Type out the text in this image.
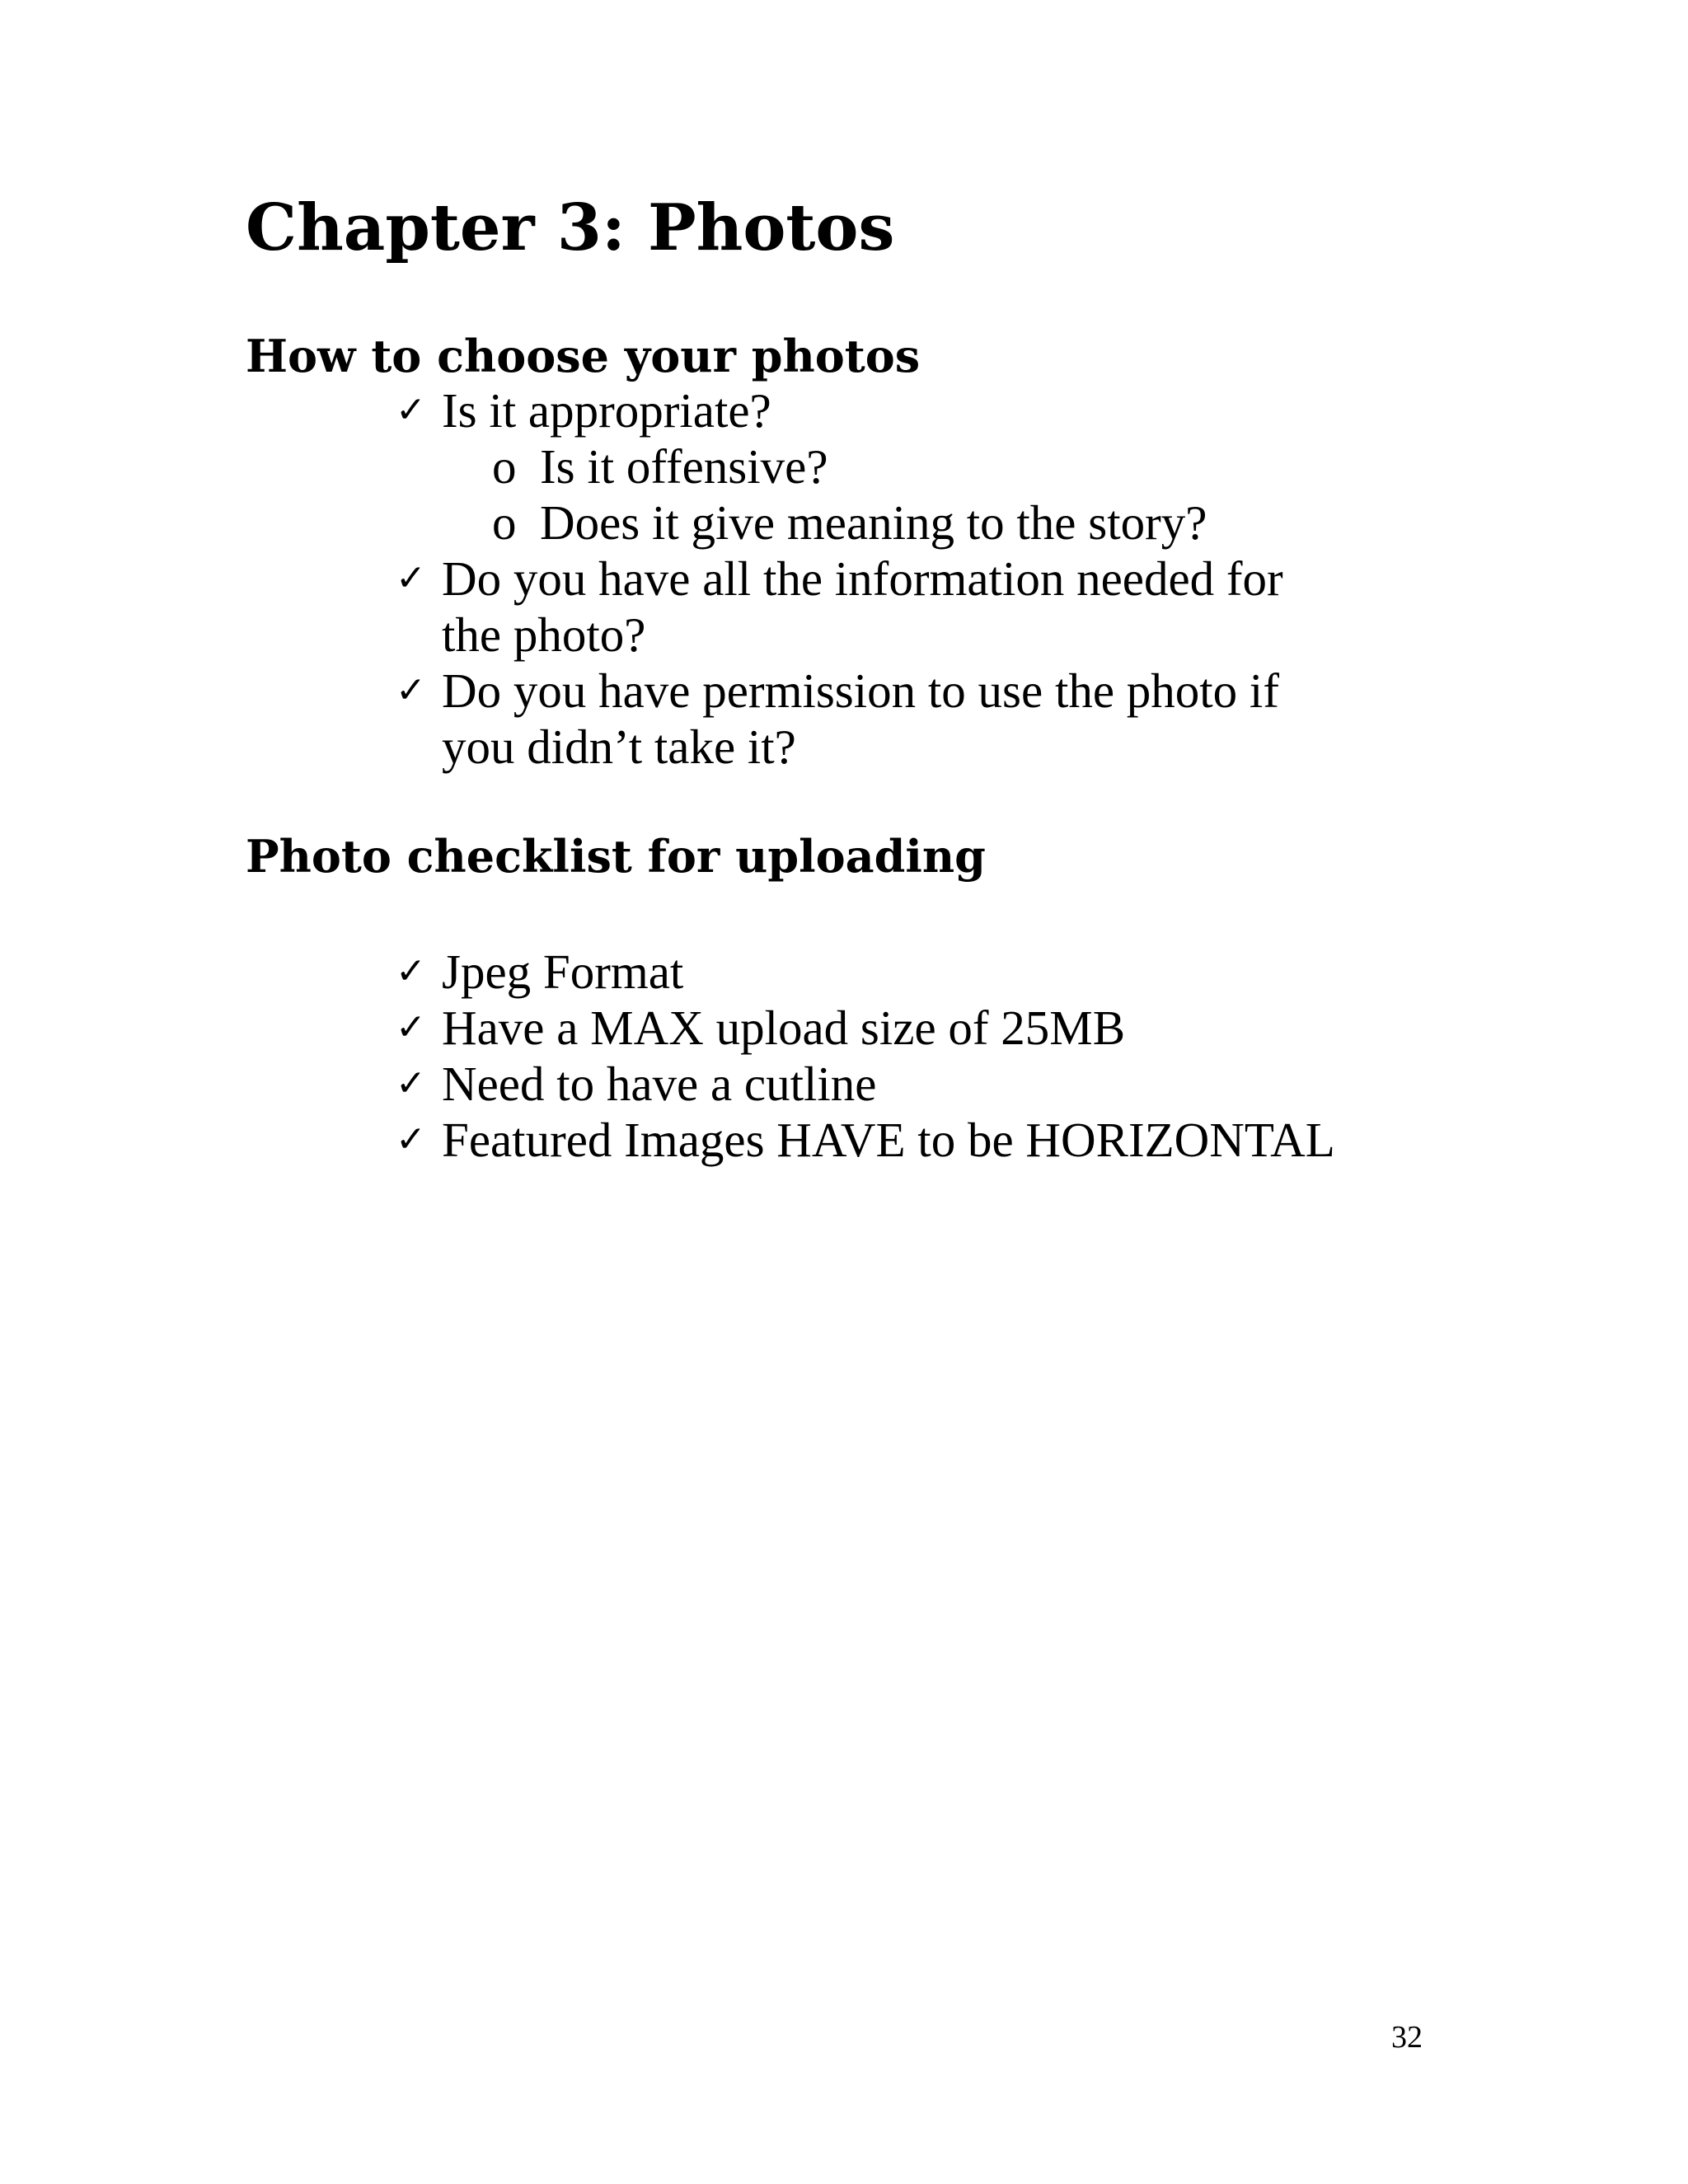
Chapter 3: Photos
How to choose your photos
✓ Is it appropriate?
o Is it offensive?
o Does it give meaning to the story?
✓ Do you have all the information needed for
the photo?
✓ Do you have permission to use the photo if
you didn’t take it?
Photo checklist for uploading
✓ Jpeg Format
✓ Have a MAX upload size of 25MB
✓ Need to have a cutline
✓ Featured Images HAVE to be HORIZONTAL
32
